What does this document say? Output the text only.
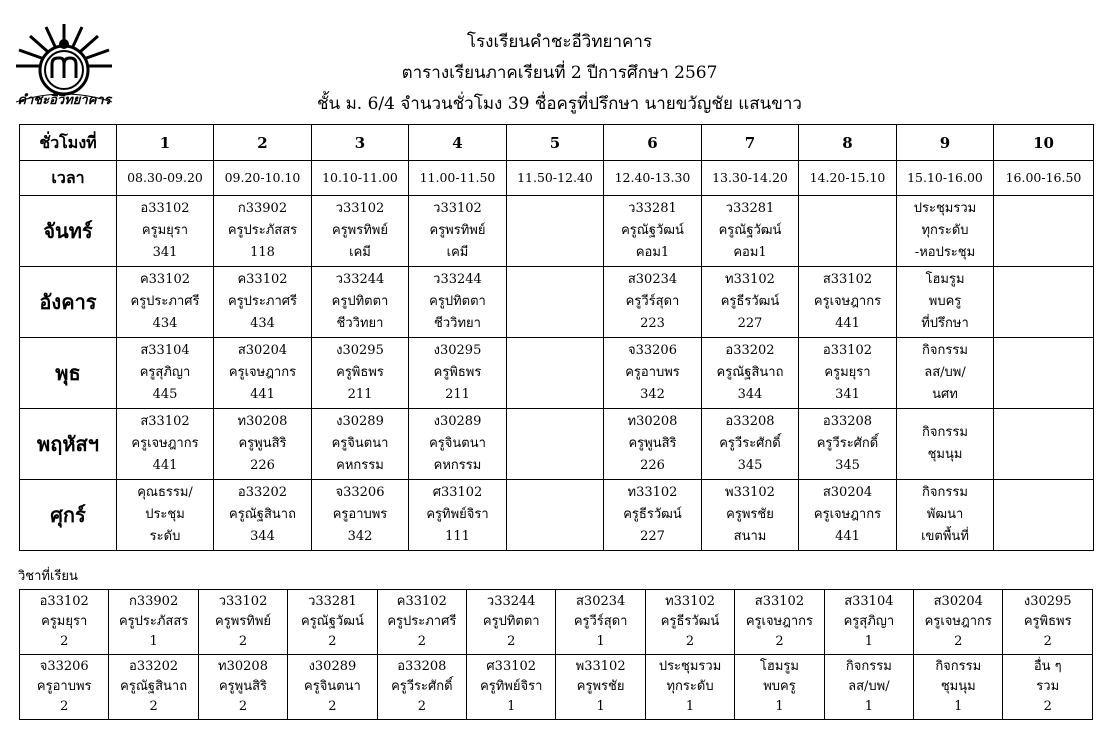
คำชะอีวิทยาคาร
โรงเรียนคำชะอีวิทยาคาร
ตารางเรียนภาคเรียนที่ 2 ปีการศึกษา 2567
ชั้น ม. 6/4 จำนวนชั่วโมง 39 ชื่อครูที่ปรึกษา นายขวัญชัย แสนขาว
ชั่วโมงที่	1	2	3	4	5	6	7	8	9	10
เวลา	08.30-09.20	09.20-10.10	10.10-11.00	11.00-11.50	11.50-12.40	12.40-13.30	13.30-14.20	14.20-15.10	15.10-16.00	16.00-16.50
จันทร์	อ33102
ครูมยุรา
341	ก33902
ครูประภัสสร
118	ว33102
ครูพรทิพย์
เคมี	ว33102
ครูพรทิพย์
เคมี		ว33281
ครูณัฐวัฒน์
คอม1	ว33281
ครูณัฐวัฒน์
คอม1		ประชุมรวม
ทุกระดับ
-หอประชุม	

อังคาร	ค33102
ครูประภาศรี
434	ค33102
ครูประภาศรี
434	ว33244
ครูปทิตตา
ชีววิทยา	ว33244
ครูปทิตตา
ชีววิทยา		ส30234
ครูวีร์สุดา
223	ท33102
ครูธีรวัฒน์
227	ส33102
ครูเจษฎากร
441	โฮมรูม
พบครู
ที่ปรึกษา	

พุธ	ส33104
ครูสุภิญา
445	ส30204
ครูเจษฎากร
441	ง30295
ครูพิธพร
211	ง30295
ครูพิธพร
211		จ33206
ครูอาบพร
342	อ33202
ครูณัฐสินาถ
344	อ33102
ครูมยุรา
341	กิจกรรม
ลส/บพ/
นศท	

พฤหัสฯ	ส33102
ครูเจษฎากร
441	ท30208
ครูพูนสิริ
226	ง30289
ครูจินตนา
คหกรรม	ง30289
ครูจินตนา
คหกรรม		ท30208
ครูพูนสิริ
226	อ33208
ครูวีระศักดิ์
345	อ33208
ครูวีระศักดิ์
345	กิจกรรม
ชุมนุม	

ศุกร์	คุณธรรม/
ประชุม
ระดับ	อ33202
ครูณัฐสินาถ
344	จ33206
ครูอาบพร
342	ศ33102
ครูทิพย์จิรา
111		ท33102
ครูธีรวัฒน์
227	พ33102
ครูพรชัย
สนาม	ส30204
ครูเจษฎากร
441	กิจกรรม
พัฒนา
เขตพื้นที่	

วิชาที่เรียน
อ33102
ครูมยุรา
2	ก33902
ครูประภัสสร
1	ว33102
ครูพรทิพย์
2	ว33281
ครูณัฐวัฒน์
2	ค33102
ครูประภาศรี
2	ว33244
ครูปทิตตา
2	ส30234
ครูวีร์สุดา
1	ท33102
ครูธีรวัฒน์
2	ส33102
ครูเจษฎากร
2	ส33104
ครูสุภิญา
1	ส30204
ครูเจษฎากร
2	ง30295
ครูพิธพร
2

จ33206
ครูอาบพร
2	อ33202
ครูณัฐสินาถ
2	ท30208
ครูพูนสิริ
2	ง30289
ครูจินตนา
2	อ33208
ครูวีระศักดิ์
2	ศ33102
ครูทิพย์จิรา
1	พ33102
ครูพรชัย
1	ประชุมรวม
ทุกระดับ
1	โฮมรูม
พบครู
1	กิจกรรม
ลส/บพ/
1	กิจกรรม
ชุมนุม
1	อื่น ๆ
รวม
2
